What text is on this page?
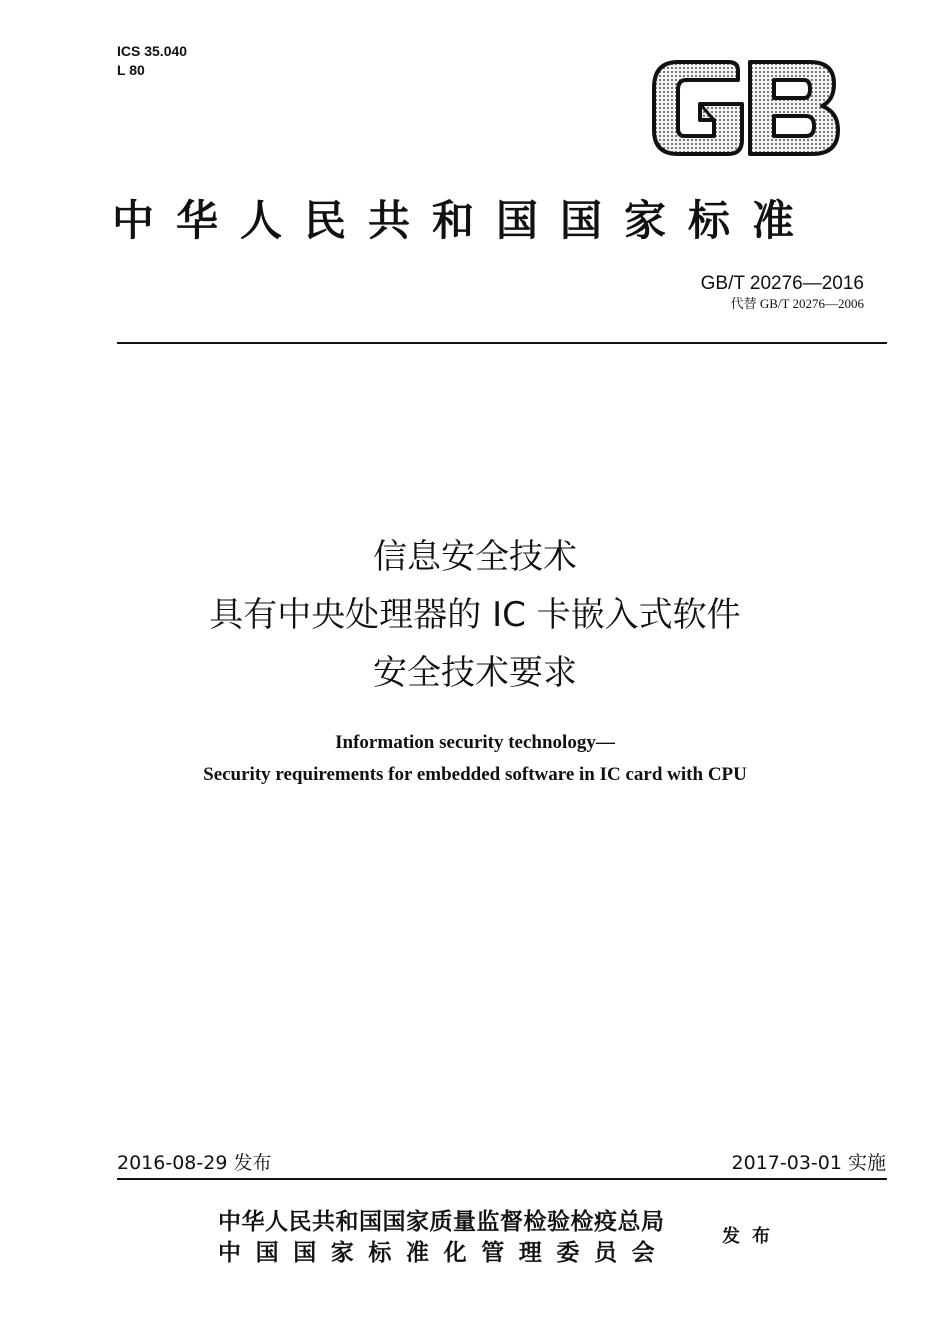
ICS 35.040
L 80
中华人民共和国国家标准
GB/T 20276—2016
代替 GB/T 20276—2006
信息安全技术
具有中央处理器的 IC 卡嵌入式软件
安全技术要求
Information security technology—
Security requirements for embedded software in IC card with CPU
2016-08-29 发布	2017-03-01 实施
中华人民共和国国家质量监督检验检疫总局
中国国家标准化管理委员会
发布
